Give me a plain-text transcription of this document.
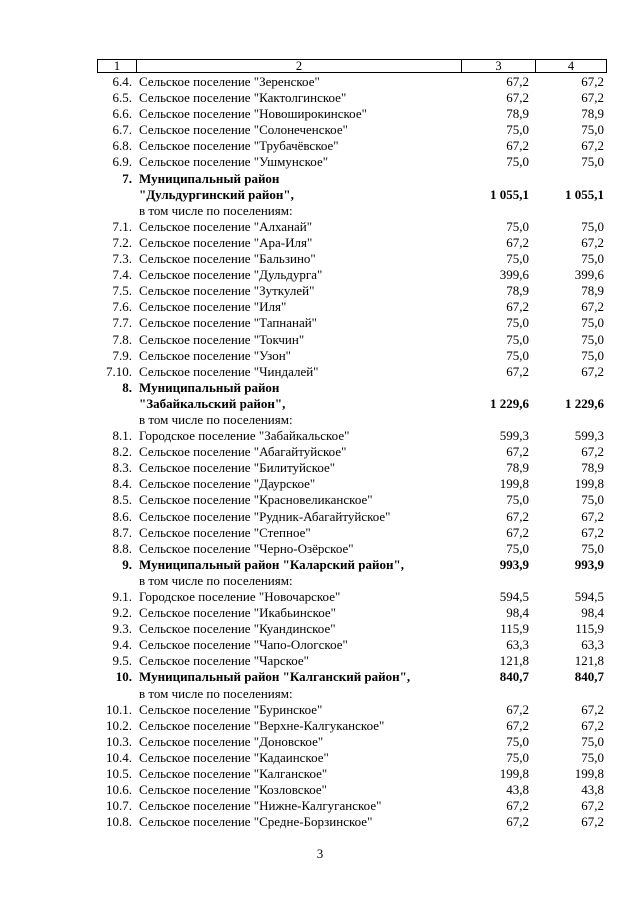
1	2	3	4
6.4. Сельское поселение "Зеренское"	67,2	67,2
6.5. Сельское поселение "Кактолгинское"	67,2	67,2
6.6. Сельское поселение "Новоширокинское"	78,9	78,9
6.7. Сельское поселение "Солонеченское"	75,0	75,0
6.8. Сельское поселение "Трубачёвское"	67,2	67,2
6.9. Сельское поселение "Ушмунское"	75,0	75,0
7. Муниципальный район
"Дульдургинский район",	1 055,1	1 055,1
в том числе по поселениям:
7.1. Сельское поселение "Алханай"	75,0	75,0
7.2. Сельское поселение "Ара-Иля"	67,2	67,2
7.3. Сельское поселение "Бальзино"	75,0	75,0
7.4. Сельское поселение "Дульдурга"	399,6	399,6
7.5. Сельское поселение "Зуткулей"	78,9	78,9
7.6. Сельское поселение "Иля"	67,2	67,2
7.7. Сельское поселение "Тапнанай"	75,0	75,0
7.8. Сельское поселение "Токчин"	75,0	75,0
7.9. Сельское поселение "Узон"	75,0	75,0
7.10. Сельское поселение "Чиндалей"	67,2	67,2
8. Муниципальный район
"Забайкальский район",	1 229,6	1 229,6
в том числе по поселениям:
8.1. Городское поселение "Забайкальское"	599,3	599,3
8.2. Сельское поселение "Абагайтуйское"	67,2	67,2
8.3. Сельское поселение "Билитуйское"	78,9	78,9
8.4. Сельское поселение "Даурское"	199,8	199,8
8.5. Сельское поселение "Красновеликанское"	75,0	75,0
8.6. Сельское поселение "Рудник-Абагайтуйское"	67,2	67,2
8.7. Сельское поселение "Степное"	67,2	67,2
8.8. Сельское поселение "Черно-Озёрское"	75,0	75,0
9. Муниципальный район "Каларский район",	993,9	993,9
в том числе по поселениям:
9.1. Городское поселение "Новочарское"	594,5	594,5
9.2. Сельское поселение "Икабьинское"	98,4	98,4
9.3. Сельское поселение "Куандинское"	115,9	115,9
9.4. Сельское поселение "Чапо-Ологское"	63,3	63,3
9.5. Сельское поселение "Чарское"	121,8	121,8
10. Муниципальный район "Калганский район",	840,7	840,7
в том числе по поселениям:
10.1. Сельское поселение "Буринское"	67,2	67,2
10.2. Сельское поселение "Верхне-Калгуканское"	67,2	67,2
10.3. Сельское поселение "Доновское"	75,0	75,0
10.4. Сельское поселение "Кадаинское"	75,0	75,0
10.5. Сельское поселение "Калганское"	199,8	199,8
10.6. Сельское поселение "Козловское"	43,8	43,8
10.7. Сельское поселение "Нижне-Калгуганское"	67,2	67,2
10.8. Сельское поселение "Средне-Борзинское"	67,2	67,2
3
